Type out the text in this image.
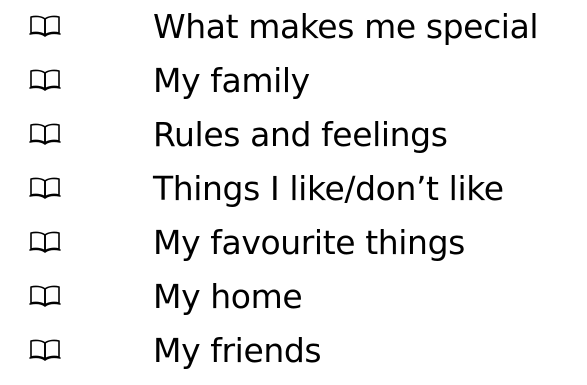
What makes me special
My family
Rules and feelings
Things I like/don’t like
My favourite things
My home
My friends
